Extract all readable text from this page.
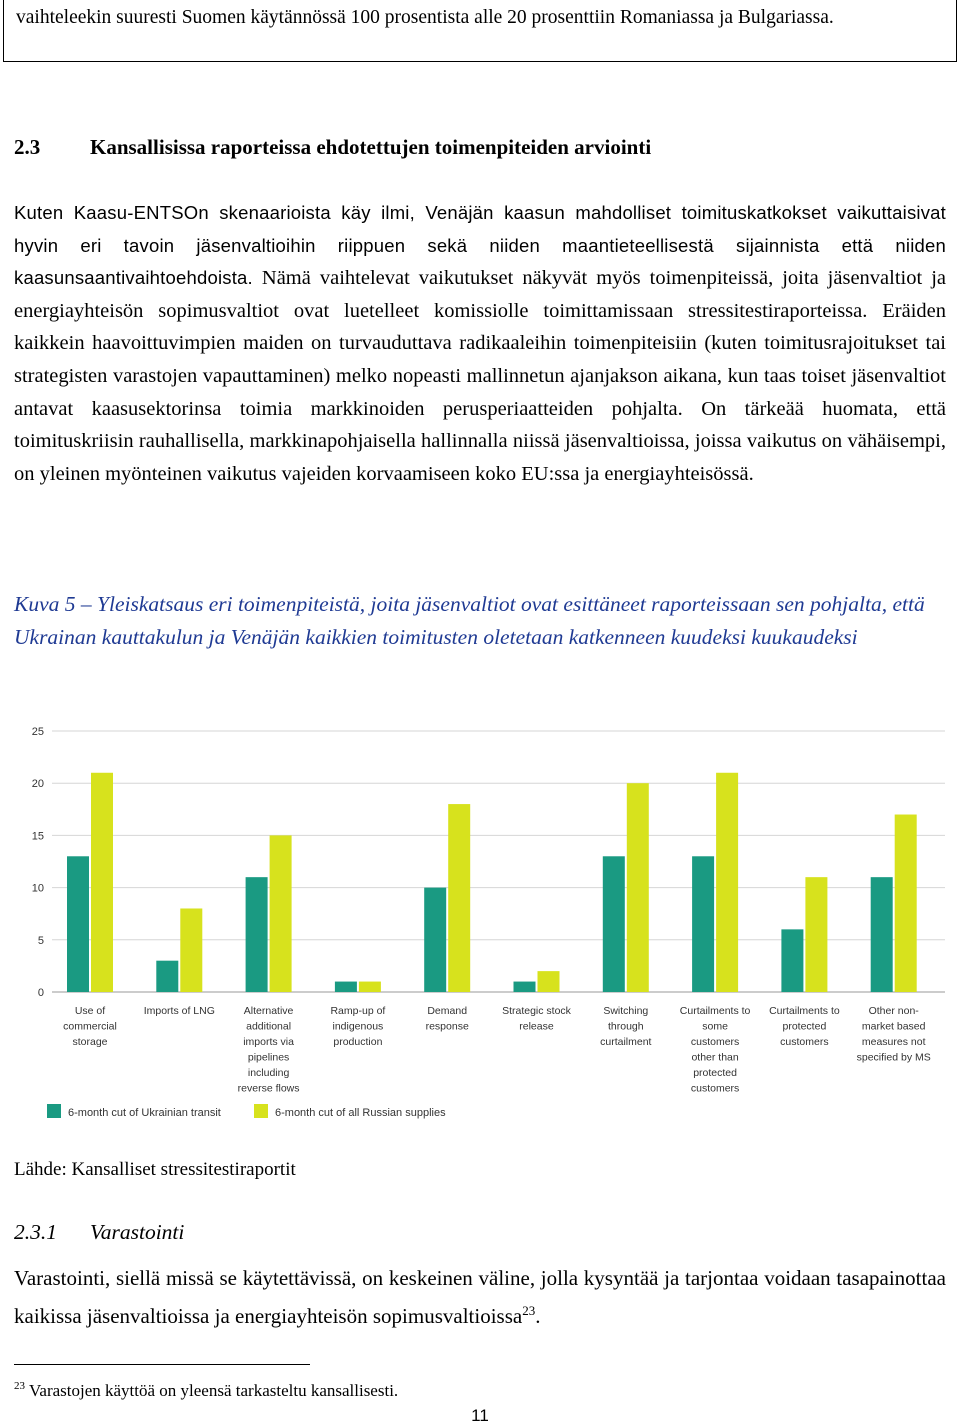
vaihteleekin suuresti Suomen käytännössä 100 prosentista alle 20 prosenttiin Romaniassa ja Bulgariassa.
2.3 Kansallisissa raporteissa ehdotettujen toimenpiteiden arviointi
Kuten Kaasu-ENTSOn skenaarioista käy ilmi, Venäjän kaasun mahdolliset toimituskatkokset vaikuttaisivat hyvin eri tavoin jäsenvaltioihin riippuen sekä niiden maantieteellisestä sijainnista että niiden kaasunsaantivaihtoehdoista. Nämä vaihtelevat vaikutukset näkyvät myös toimenpiteissä, joita jäsenvaltiot ja energiayhteisön sopimusvaltiot ovat luetelleet komissiolle toimittamissaan stressitestiraporteissa. Eräiden kaikkein haavoittuvimpien maiden on turvauduttava radikaaleihin toimenpiteisiin (kuten toimitusrajoitukset tai strategisten varastojen vapauttaminen) melko nopeasti mallinnetun ajanjakson aikana, kun taas toiset jäsenvaltiot antavat kaasusektorinsa toimia markkinoiden perusperiaatteiden pohjalta. On tärkeää huomata, että toimituskriisin rauhallisella, markkinapohjaisella hallinnalla niissä jäsenvaltioissa, joissa vaikutus on vähäisempi, on yleinen myönteinen vaikutus vajeiden korvaamiseen koko EU:ssa ja energiayhteisössä.
Kuva 5 – Yleiskatsaus eri toimenpiteistä, joita jäsenvaltiot ovat esittäneet raporteissaan sen pohjalta, että Ukrainan kauttakulun ja Venäjän kaikkien toimitusten oletetaan katkenneen kuudeksi kuukaudeksi
0
5
10
15
20
25
Use of
commercial
storage
Imports of LNG	Alternative
additional
imports via
pipelines
including
reverse flows
Ramp-up of
indigenous
production
Demand
response
Strategic stock
release
Switching
through
curtailment
Curtailments to
some
customers
other than
protected
customers
Curtailments to
protected
customers
Other non-
market based
measures not
specified by MS
6-month cut of Ukrainian transit	6-month cut of all Russian supplies
Lähde: Kansalliset stressitestiraportit
2.3.1 Varastointi
Varastointi, siellä missä se käytettävissä, on keskeinen väline, jolla kysyntää ja tarjontaa voidaan tasapainottaa kaikissa jäsenvaltioissa ja energiayhteisön sopimusvaltioissa$^{23}$.
$^{23}$ Varastojen käyttöä on yleensä tarkasteltu kansallisesti.
11
